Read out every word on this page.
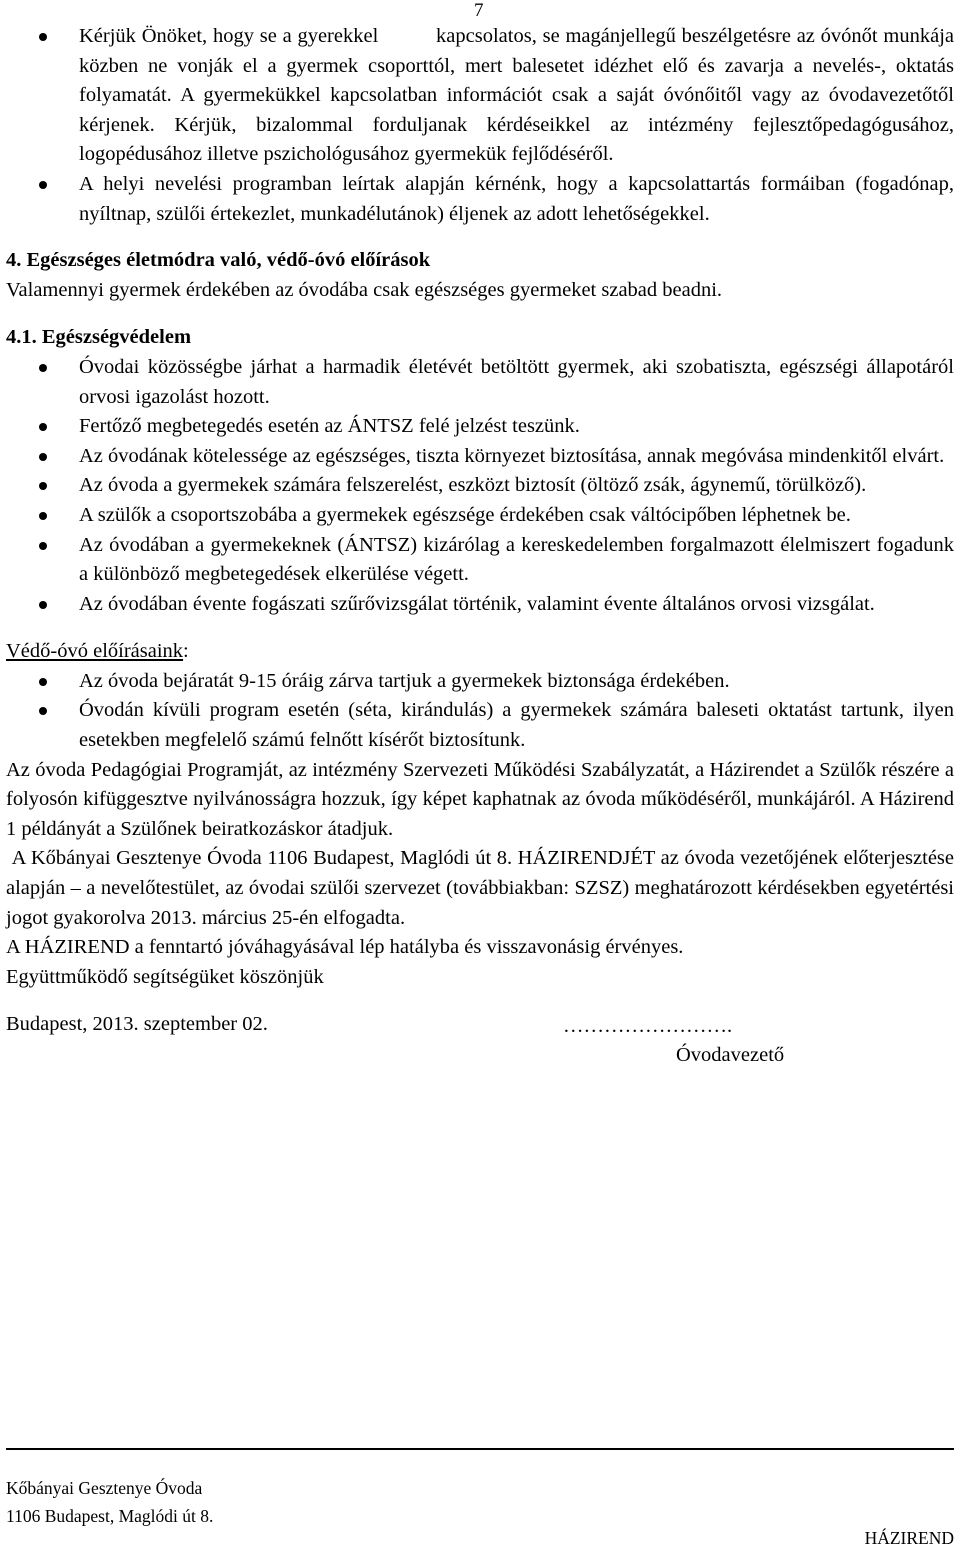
7
Kérjük Önöket, hogy se a gyerekkel          kapcsolatos, se magánjellegű beszélgetésre az óvónőt munkája közben ne vonják el a gyermek csoporttól, mert balesetet idézhet elő és zavarja a nevelés-, oktatás folyamatát. A gyermekükkel kapcsolatban információt csak a saját óvónőitől vagy az óvodavezetőtől kérjenek. Kérjük, bizalommal forduljanak kérdéseikkel az intézmény fejlesztőpedagógusához, logopédusához illetve pszichológusához gyermekük fejlődéséről.
A helyi nevelési programban leírtak alapján kérnénk, hogy a kapcsolattartás formáiban (fogadónap, nyíltnap, szülői értekezlet, munkadélutánok) éljenek az adott lehetőségekkel.

4. Egészséges életmódra való, védő-óvó előírások

Valamennyi gyermek érdekében az óvodába csak egészséges gyermeket szabad beadni.

4.1. Egészségvédelem

Óvodai közösségbe járhat a harmadik életévét betöltött gyermek, aki szobatiszta, egészségi állapotáról orvosi igazolást hozott.
Fertőző megbetegedés esetén az ÁNTSZ felé jelzést teszünk.
Az óvodának kötelessége az egészséges, tiszta környezet biztosítása, annak megóvása mindenkitől elvárt.
Az óvoda a gyermekek számára felszerelést, eszközt biztosít (öltöző zsák, ágynemű, törülköző).
A szülők a csoportszobába a gyermekek egészsége érdekében csak váltócipőben léphetnek be.
Az óvodában a gyermekeknek (ÁNTSZ) kizárólag a kereskedelemben forgalmazott élelmiszert fogadunk a különböző megbetegedések elkerülése végett.
Az óvodában évente fogászati szűrővizsgálat történik, valamint évente általános orvosi vizsgálat.

Védő-óvó előírásaink:

Az óvoda bejáratát 9-15 óráig zárva tartjuk a gyermekek biztonsága érdekében.
Óvodán kívüli program esetén (séta, kirándulás) a gyermekek számára baleseti oktatást tartunk, ilyen esetekben megfelelő számú felnőtt kísérőt biztosítunk.

Az óvoda Pedagógiai Programját, az intézmény Szervezeti Működési Szabályzatát, a Házirendet a Szülők részére a folyosón kifüggesztve nyilvánosságra hozzuk, így képet kaphatnak az óvoda működéséről, munkájáról. A Házirend 1 példányát a Szülőnek beiratkozáskor átadjuk.

A Kőbányai Gesztenye Óvoda 1106 Budapest, Maglódi út 8. HÁZIRENDJÉT az óvoda vezetőjének előterjesztése alapján – a nevelőtestület, az óvodai szülői szervezet (továbbiakban: SZSZ) meghatározott kérdésekben egyetértési jogot gyakorolva 2013. március 25-én elfogadta.

A HÁZIREND a fenntartó jóváhagyásával lép hatályba és visszavonásig érvényes.

Együttműködő segítségüket köszönjük

Budapest, 2013. szeptember 02.	…………………….
Óvodavezető
Kőbányai Gesztenye Óvoda
1106 Budapest, Maglódi út 8.
HÁZIREND
